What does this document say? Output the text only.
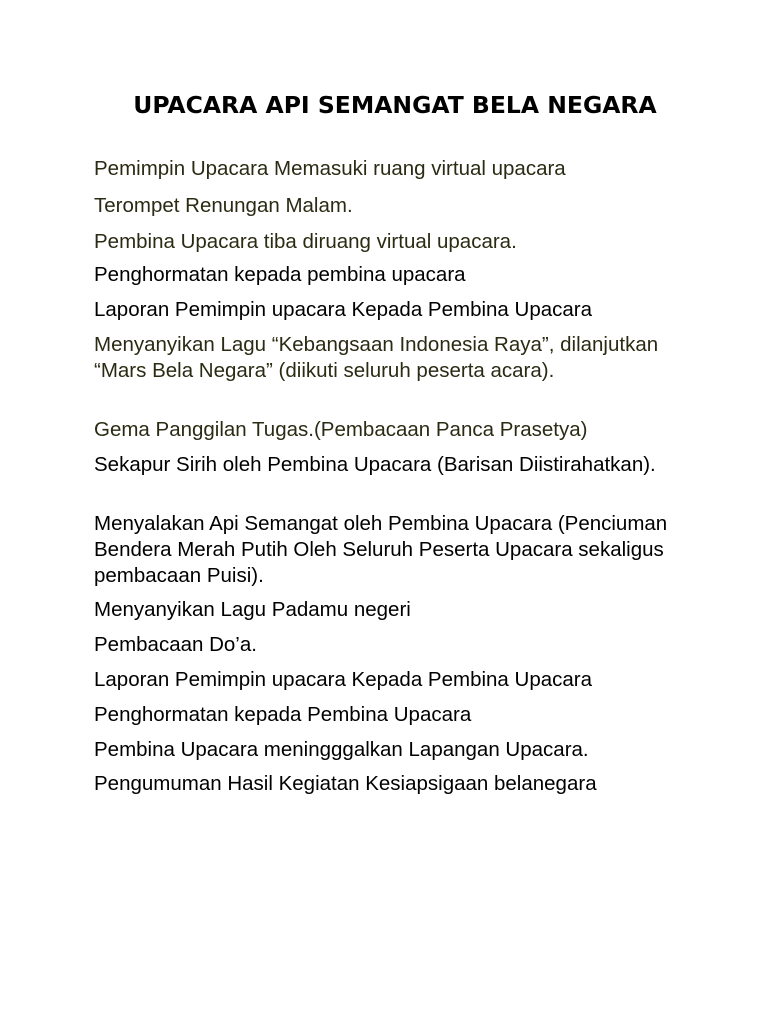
UPACARA API SEMANGAT BELA NEGARA

Pemimpin Upacara Memasuki ruang virtual upacara

Terompet Renungan Malam.

Pembina Upacara tiba diruang virtual upacara.

Penghormatan kepada pembina upacara

Laporan Pemimpin upacara Kepada Pembina Upacara

Menyanyikan Lagu “Kebangsaan Indonesia Raya”, dilanjutkan “Mars Bela Negara” (diikuti seluruh peserta acara).

Gema Panggilan Tugas.(Pembacaan Panca Prasetya)

Sekapur Sirih oleh Pembina Upacara (Barisan Diistirahatkan).

Menyalakan Api Semangat oleh Pembina Upacara (Penciuman Bendera Merah Putih Oleh Seluruh Peserta Upacara sekaligus pembacaan Puisi).

Menyanyikan Lagu Padamu negeri

Pembacaan Do’a.

Laporan Pemimpin upacara Kepada Pembina Upacara

Penghormatan kepada Pembina Upacara

Pembina Upacara meningggalkan Lapangan Upacara.

Pengumuman Hasil Kegiatan Kesiapsigaan belanegara
